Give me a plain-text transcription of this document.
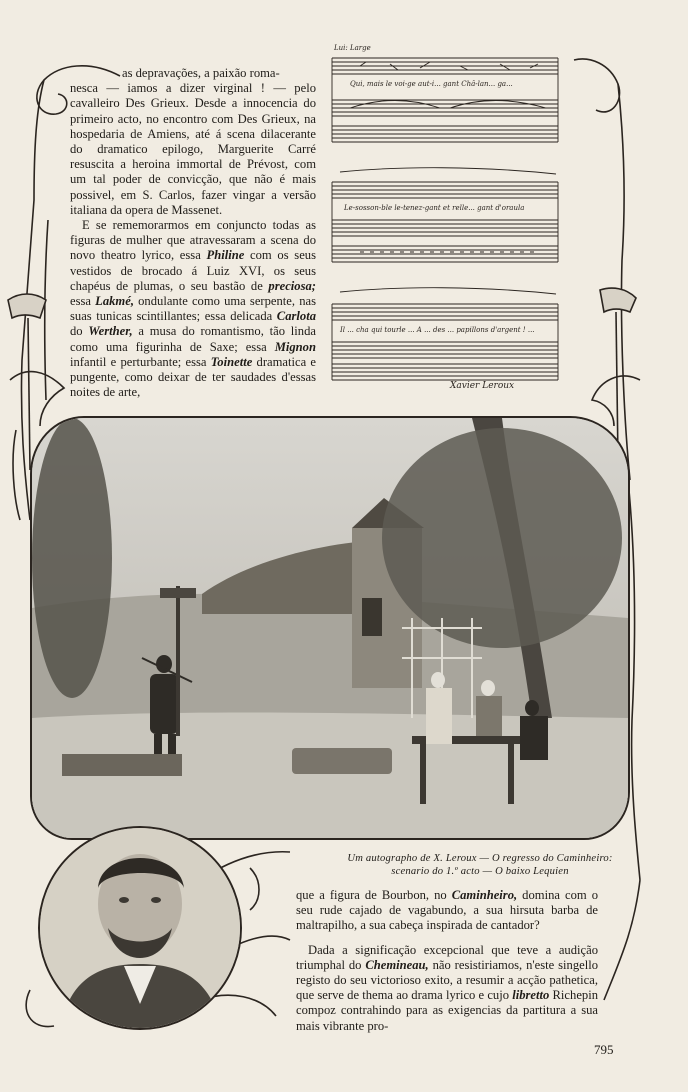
as depravações, a paixão roma-

nesca — iamos a dizer virginal ! — pelo cavalleiro Des Grieux. Desde a innocencia do primeiro acto, no encontro com Des Grieux, na hospedaria de Amiens, até á scena dilacerante do dramatico epilogo, Marguerite Carré resuscita a heroina immortal de Prévost, com um tal poder de convicção, que não é mais possivel, em S. Carlos, fazer vingar a versão italiana da opera de Massenet.

E se rememorarmos em conjuncto todas as figuras de mulher que atravessaram a scena do novo theatro lyrico, essa Philine com os seus vestidos de brocado á Luiz XVI, os seus chapéus de plumas, o seu bastão de preciosa; essa Lakmé, ondulante como uma serpente, nas suas tunicas scintillantes; essa delicada Carlota do Werther, a musa do romantismo, tão linda como uma figurinha de Saxe; essa Mignon infantil e perturbante; essa Toinette dramatica e pungente, como deixar de ter saudades d'essas noites de arte,

Lui: Large
Qui, mais le voi-ge aut-i... gant Châ-lan... ga...
Le-sosson-ble le-tenez-gant et relle... gant d'oraula
Il ... cha qui tourle ... A ... des ... papillons d'argent ! ...
Xavier Leroux
Um autographo de X. Leroux — O regresso do Caminheiro: scenario do 1.º acto — O baixo Lequien

que a figura de Bourbon, no Caminheiro, domina com o seu rude cajado de vagabundo, a sua hirsuta barba de maltrapilho, a sua cabeça inspirada de cantador?

Dada a significação excepcional que teve a audição triumphal do Chemineau, não resistiriamos, n'este singello registo do seu victorioso exito, a resumir a acção pathetica, que serve de thema ao drama lyrico e cujo libretto Richepin compoz contrahindo para as exigencias da partitura a sua mais vibrante pro-

795
